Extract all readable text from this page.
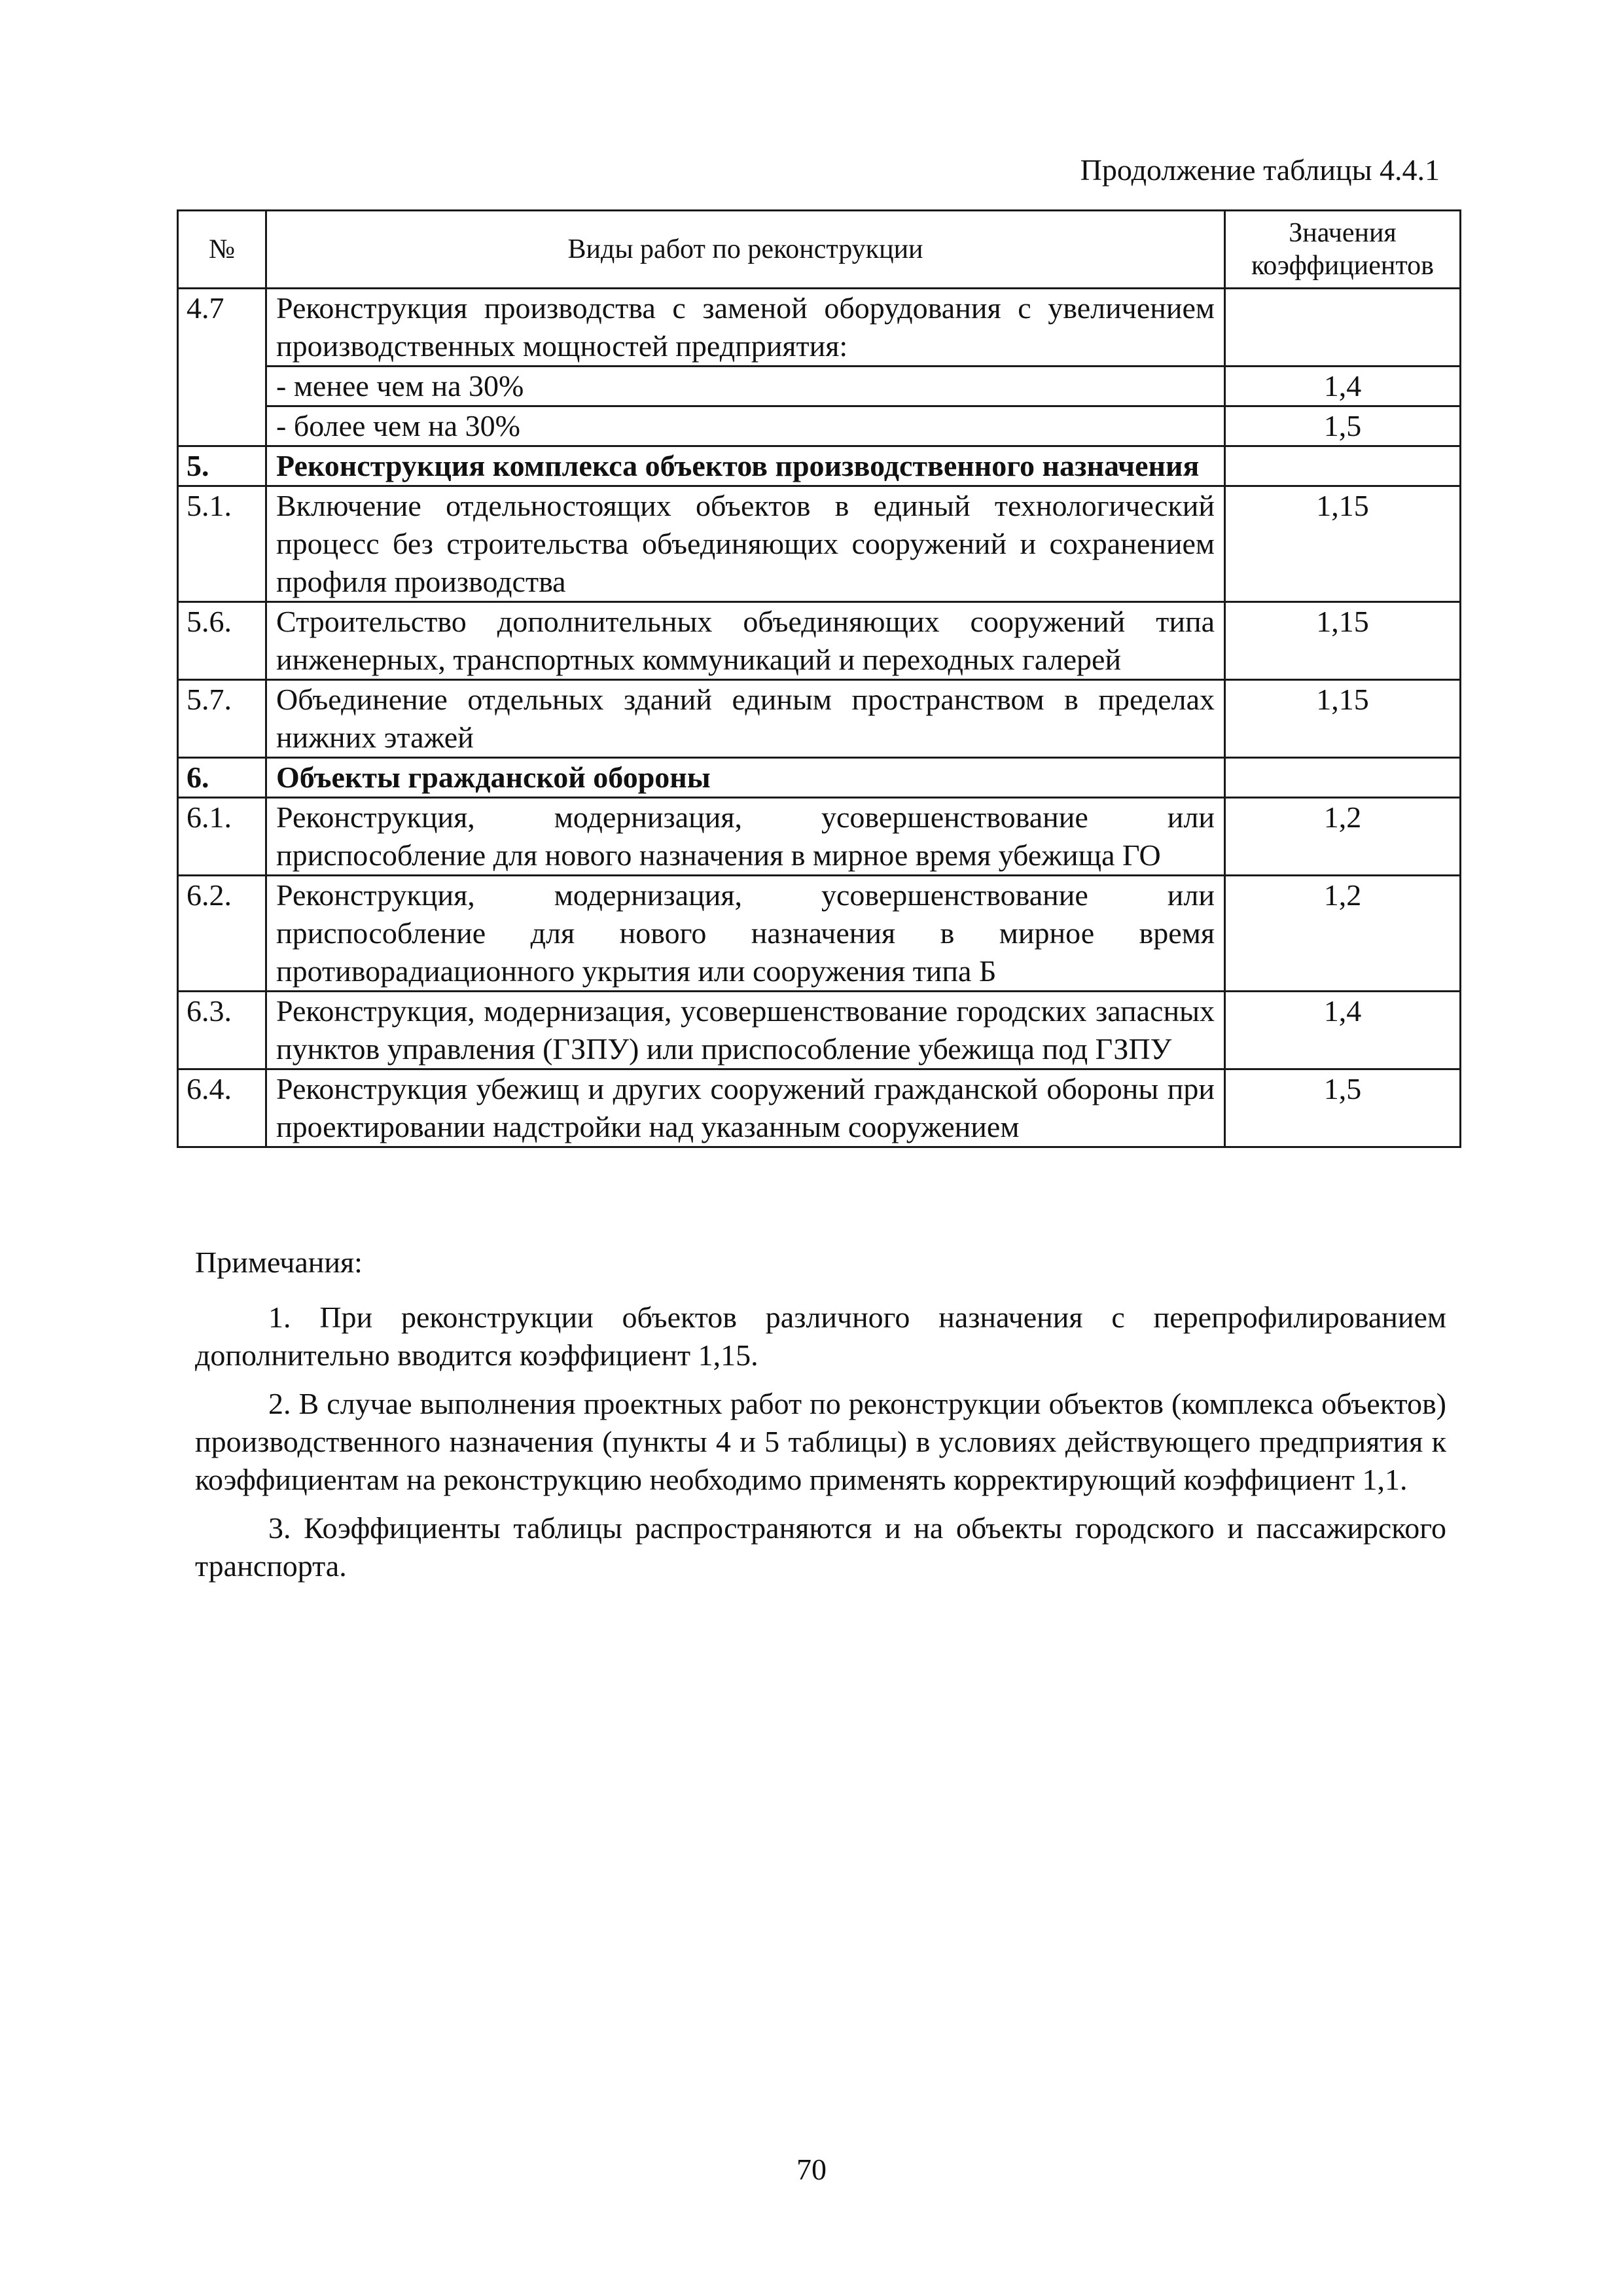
Продолжение таблицы 4.4.1
№	Виды работ по реконструкции	Значения коэффициентов
4.7	Реконструкция производства с заменой оборудования с увеличением производственных мощностей предприятия:	
	- менее чем на 30%	1,4
	- более чем на 30%	1,5
5.	Реконструкция комплекса объектов производственного назначения	
5.1.	Включение отдельностоящих объектов в единый технологический процесс без строительства объединяющих сооружений и сохранением профиля производства	1,15
5.6.	Строительство дополнительных объединяющих сооружений типа инженерных, транспортных коммуникаций и переходных галерей	1,15
5.7.	Объединение отдельных зданий единым пространством в пределах нижних этажей	1,15
6.	Объекты гражданской обороны	
6.1.	Реконструкция, модернизация, усовершенствование или приспособление для нового назначения в мирное время убежища ГО	1,2
6.2.	Реконструкция, модернизация, усовершенствование или приспособление для нового назначения в мирное время противорадиационного укрытия или сооружения типа Б	1,2
6.3.	Реконструкция, модернизация, усовершенствование городских запасных пунктов управления (ГЗПУ) или приспособление убежища под ГЗПУ	1,4
6.4.	Реконструкция убежищ и других сооружений гражданской обороны при проектировании надстройки над указанным сооружением	1,5
Примечания:

1. При реконструкции объектов различного назначения с перепрофилированием дополнительно вводится коэффициент 1,15.

2. В случае выполнения проектных работ по реконструкции объектов (комплекса объектов) производственного назначения (пункты 4 и 5 таблицы) в условиях действующего предприятия к коэффициентам на реконструкцию необходимо применять корректирующий коэффициент 1,1.

3. Коэффициенты таблицы распространяются и на объекты городского и пассажирского транспорта.

70
